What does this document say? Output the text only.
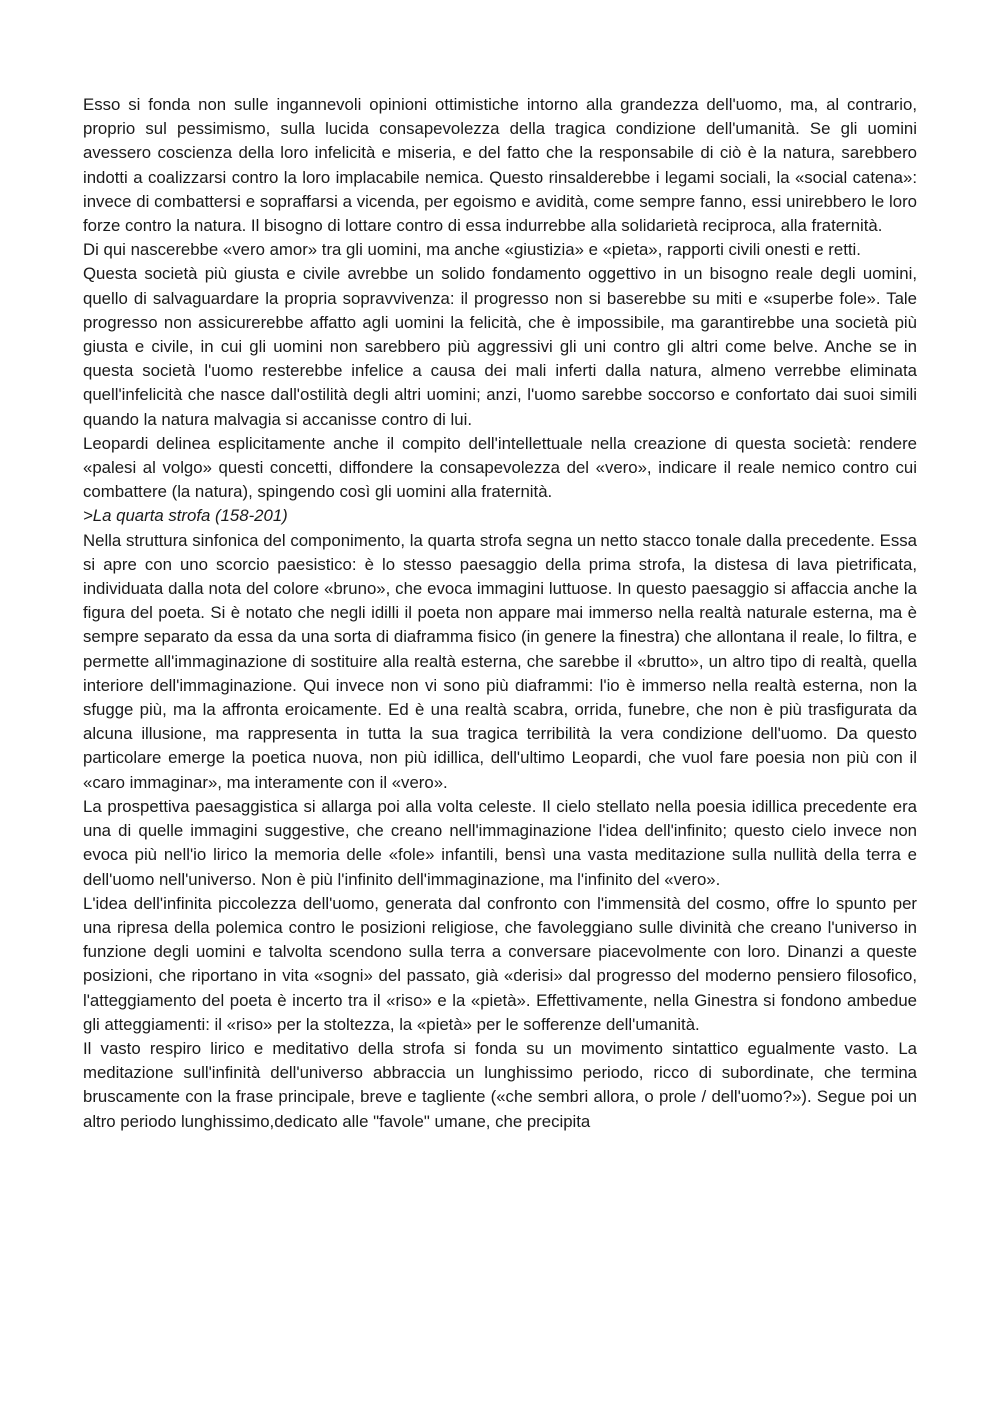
Esso si fonda non sulle ingannevoli opinioni ottimistiche intorno alla grandezza dell'uomo, ma, al contrario, proprio sul pessimismo, sulla lucida consapevolezza della tragica condizione dell'umanità. Se gli uomini avessero coscienza della loro infelicità e miseria, e del fatto che la responsabile di ciò è la natura, sarebbero indotti a coalizzarsi contro la loro implacabile nemica. Questo rinsalderebbe i legami sociali, la «social catena»: invece di combattersi e sopraffarsi a vicenda, per egoismo e avidità, come sempre fanno, essi unirebbero le loro forze contro la natura. Il bisogno di lottare contro di essa indurrebbe alla solidarietà reciproca, alla fraternità.

Di qui nascerebbe «vero amor» tra gli uomini, ma anche «giustizia» e «pieta», rapporti civili onesti e retti.

Questa società più giusta e civile avrebbe un solido fondamento oggettivo in un bisogno reale degli uomini, quello di salvaguardare la propria sopravvivenza: il progresso non si baserebbe su miti e «superbe fole». Tale progresso non assicurerebbe affatto agli uomini la felicità, che è impossibile, ma garantirebbe una società più giusta e civile, in cui gli uomini non sarebbero più aggressivi gli uni contro gli altri come belve. Anche se in questa società l'uomo resterebbe infelice a causa dei mali inferti dalla natura, almeno verrebbe eliminata quell'infelicità che nasce dall'ostilità degli altri uomini; anzi, l'uomo sarebbe soccorso e confortato dai suoi simili quando la natura malvagia si accanisse contro di lui.

Leopardi delinea esplicitamente anche il compito dell'intellettuale nella creazione di questa società: rendere «palesi al volgo» questi concetti, diffondere la consapevolezza del «vero», indicare il reale nemico contro cui combattere (la natura), spingendo così gli uomini alla fraternità.

>La quarta strofa (158-201)

Nella struttura sinfonica del componimento, la quarta strofa segna un netto stacco tonale dalla precedente. Essa si apre con uno scorcio paesistico: è lo stesso paesaggio della prima strofa, la distesa di lava pietrificata, individuata dalla nota del colore «bruno», che evoca immagini luttuose. In questo paesaggio si affaccia anche la figura del poeta. Si è notato che negli idilli il poeta non appare mai immerso nella realtà naturale esterna, ma è sempre separato da essa da una sorta di diaframma fisico (in genere la finestra) che allontana il reale, lo filtra, e permette all'immaginazione di sostituire alla realtà esterna, che sarebbe il «brutto», un altro tipo di realtà, quella interiore dell'immaginazione. Qui invece non vi sono più diaframmi: l'io è immerso nella realtà esterna, non la sfugge più, ma la affronta eroicamente. Ed è una realtà scabra, orrida, funebre, che non è più trasfigurata da alcuna illusione, ma rappresenta in tutta la sua tragica terribilità la vera condizione dell'uomo. Da questo particolare emerge la poetica nuova, non più idillica, dell'ultimo Leopardi, che vuol fare poesia non più con il «caro immaginar», ma interamente con il «vero».

La prospettiva paesaggistica si allarga poi alla volta celeste. Il cielo stellato nella poesia idillica precedente era una di quelle immagini suggestive, che creano nell'immaginazione l'idea dell'infinito; questo cielo invece non evoca più nell'io lirico la memoria delle «fole» infantili, bensì una vasta meditazione sulla nullità della terra e dell'uomo nell'universo. Non è più l'infinito dell'immaginazione, ma l'infinito del «vero».

L'idea dell'infinita piccolezza dell'uomo, generata dal confronto con l'immensità del cosmo, offre lo spunto per una ripresa della polemica contro le posizioni religiose, che favoleggiano sulle divinità che creano l'universo in funzione degli uomini e talvolta scendono sulla terra a conversare piacevolmente con loro. Dinanzi a queste posizioni, che riportano in vita «sogni» del passato, già «derisi» dal progresso del moderno pensiero filosofico, l'atteggiamento del poeta è incerto tra il «riso» e la «pietà». Effettivamente, nella Ginestra si fondono ambedue gli atteggiamenti: il «riso» per la stoltezza, la «pietà» per le sofferenze dell'umanità.

Il vasto respiro lirico e meditativo della strofa si fonda su un movimento sintattico egualmente vasto. La meditazione sull'infinità dell'universo abbraccia un lunghissimo periodo, ricco di subordinate, che termina bruscamente con la frase principale, breve e tagliente («che sembri allora, o prole / dell'uomo?»). Segue poi un altro periodo lunghissimo,dedicato alle "favole" umane, che precipita
